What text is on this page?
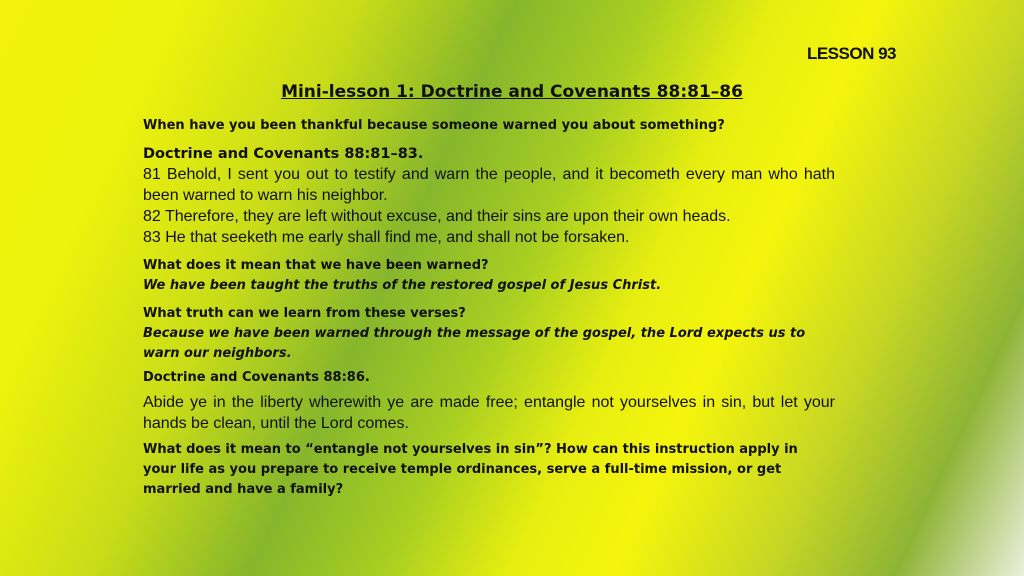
LESSON 93
Mini-lesson 1: Doctrine and Covenants 88:81–86
When have you been thankful because someone warned you about something?
Doctrine and Covenants 88:81–83.

81 Behold, I sent you out to testify and warn the people, and it becometh every man who hath been warned to warn his neighbor.

82 Therefore, they are left without excuse, and their sins are upon their own heads.

83 He that seeketh me early shall find me, and shall not be forsaken.

What does it mean that we have been warned?
We have been taught the truths of the restored gospel of Jesus Christ.
What truth can we learn from these verses?
Because we have been warned through the message of the gospel, the Lord expects us to warn our neighbors.
Doctrine and Covenants 88:86.
Abide ye in the liberty wherewith ye are made free; entangle not yourselves in sin, but let your hands be clean, until the Lord comes.
What does it mean to “entangle not yourselves in sin”? How can this instruction apply in your life as you prepare to receive temple ordinances, serve a full-time mission, or get married and have a family?
